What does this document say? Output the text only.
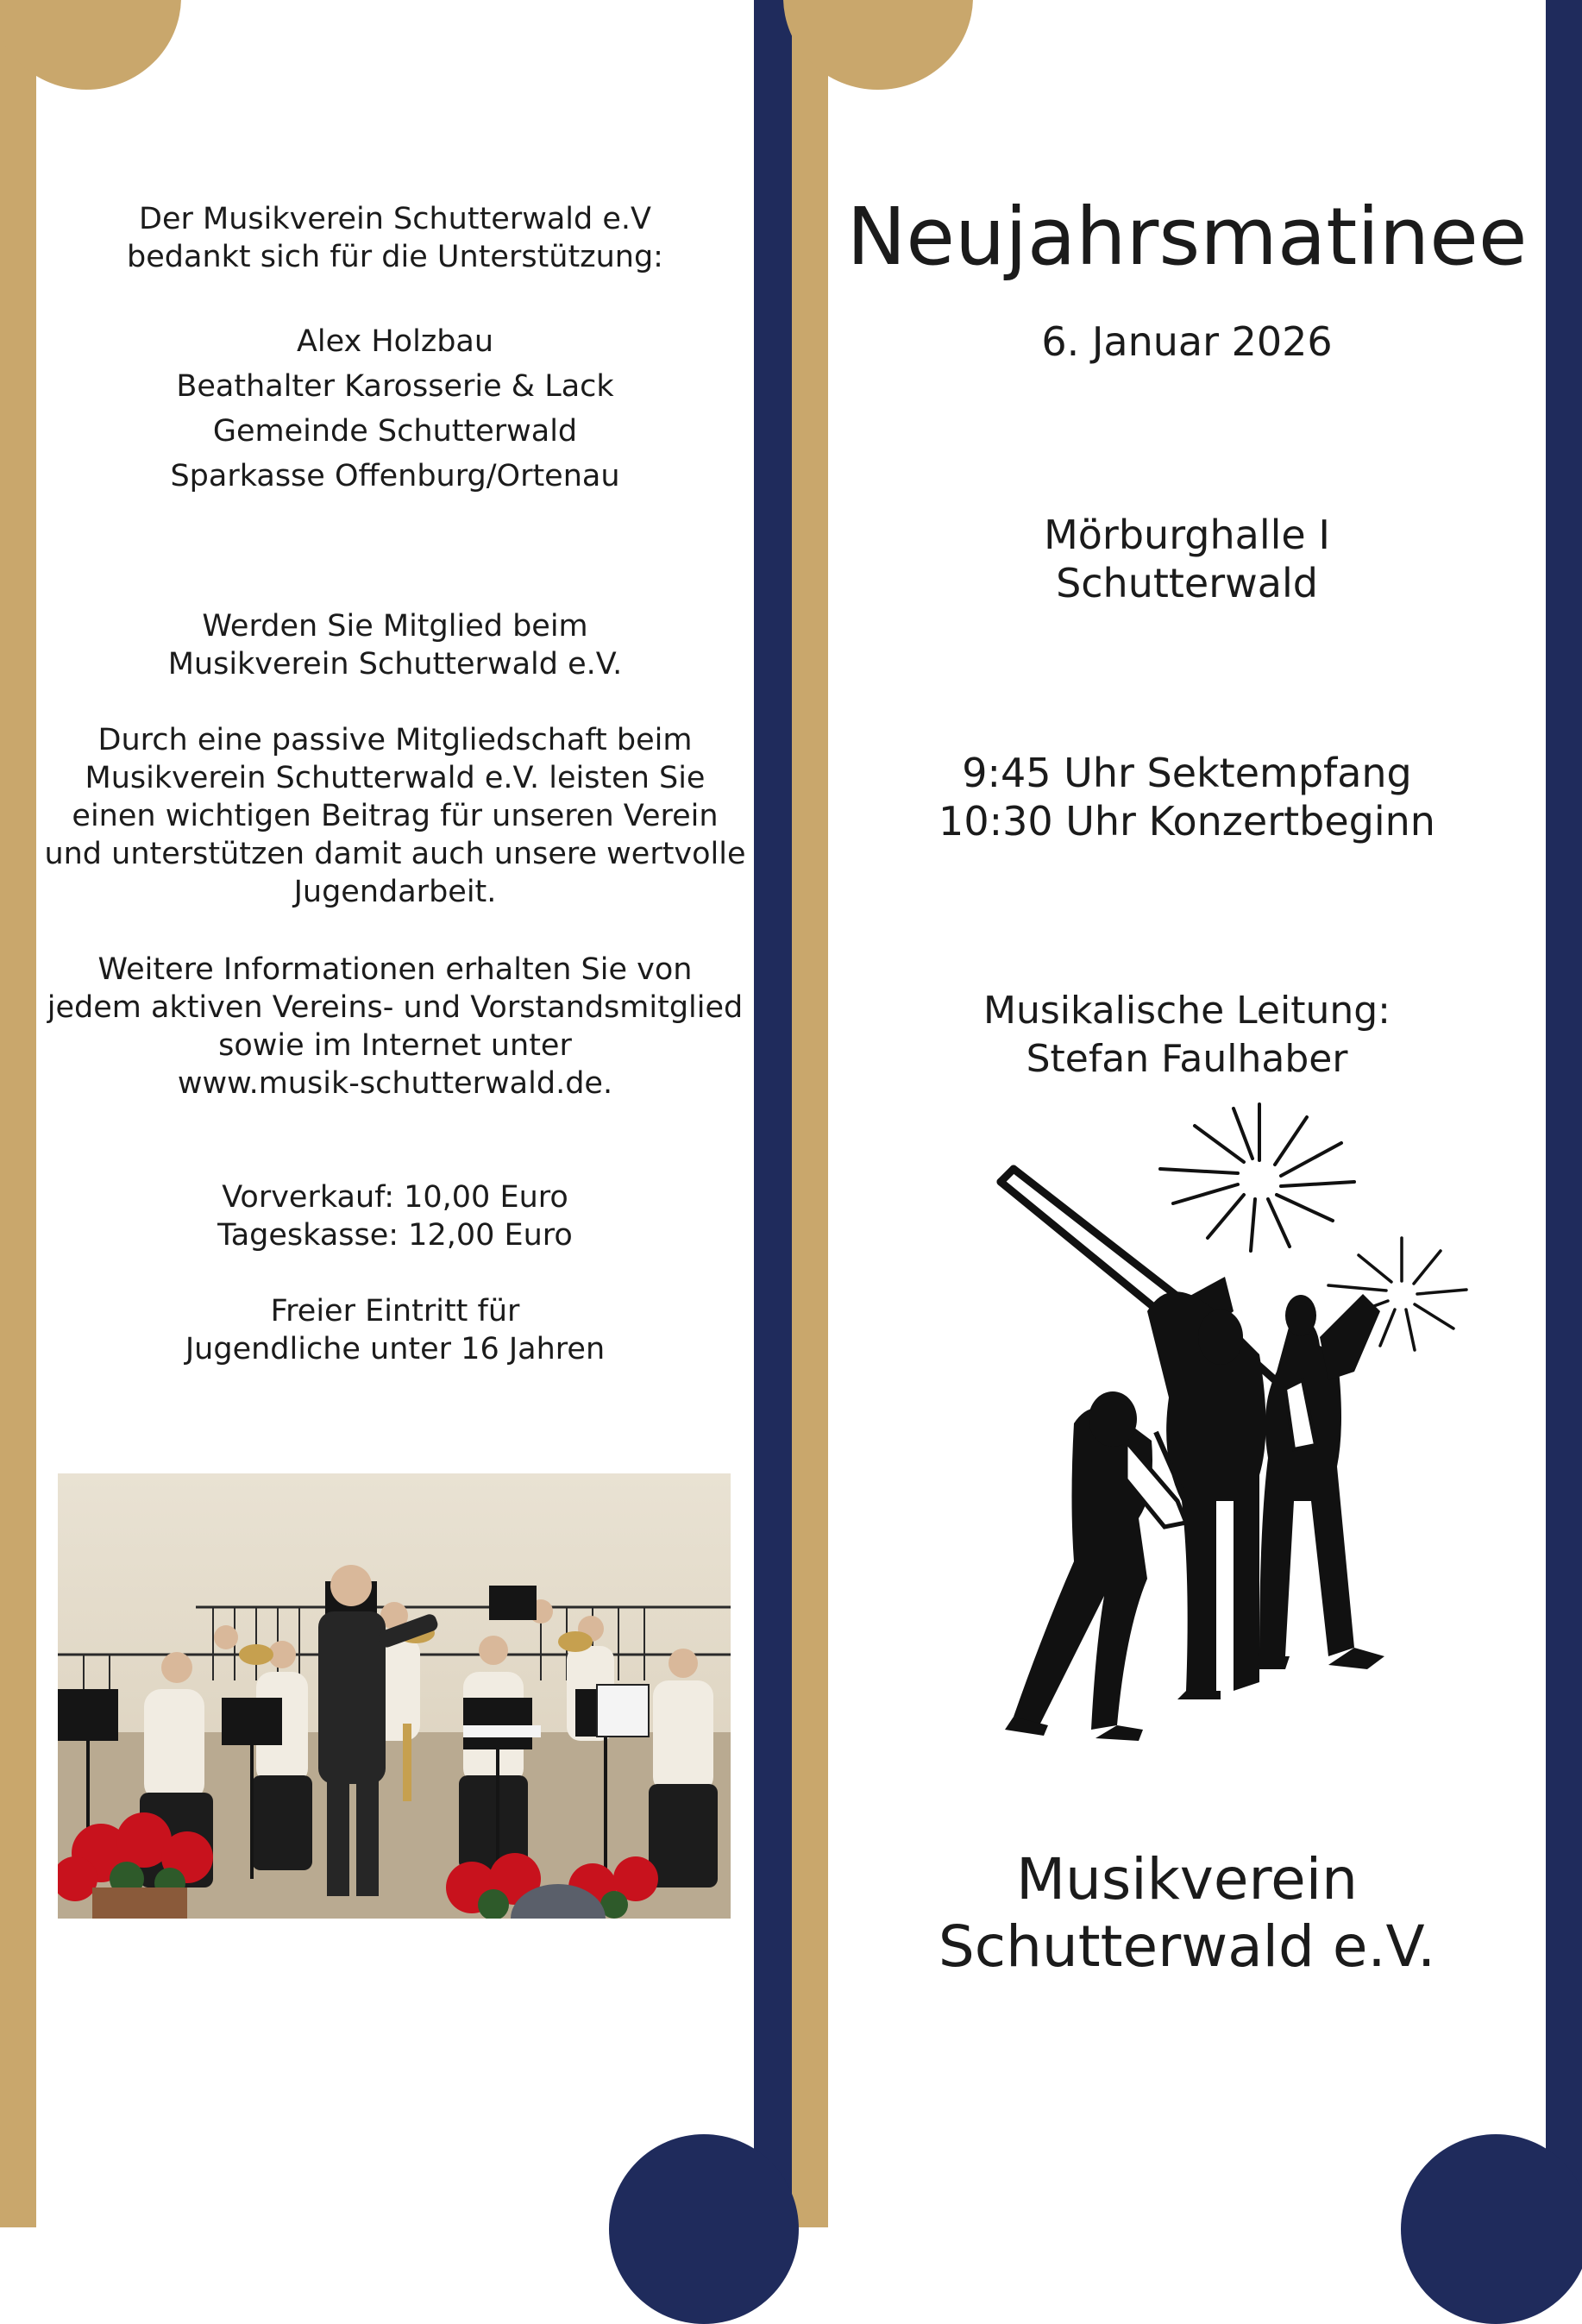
Der Musikverein Schutterwald e.V
bedankt sich für die Unterstützung:
Alex Holzbau
Beathalter Karosserie & Lack
Gemeinde Schutterwald
Sparkasse Offenburg/Ortenau
Werden Sie Mitglied beim
Musikverein Schutterwald e.V.
Durch eine passive Mitgliedschaft beim
Musikverein Schutterwald e.V. leisten Sie
einen wichtigen Beitrag für unseren Verein
und unterstützen damit auch unsere wertvolle
Jugendarbeit.
Weitere Informationen erhalten Sie von
jedem aktiven Vereins- und Vorstandsmitglied
sowie im Internet unter
www.musik-schutterwald.de.
Vorverkauf: 10,00 Euro
Tageskasse: 12,00 Euro
Freier Eintritt für
Jugendliche unter 16 Jahren
Neujahrsmatinee
6. Januar 2026
Mörburghalle I
Schutterwald
9:45 Uhr Sektempfang
10:30 Uhr Konzertbeginn
Musikalische Leitung:
Stefan Faulhaber
Musikverein
Schutterwald e.V.
